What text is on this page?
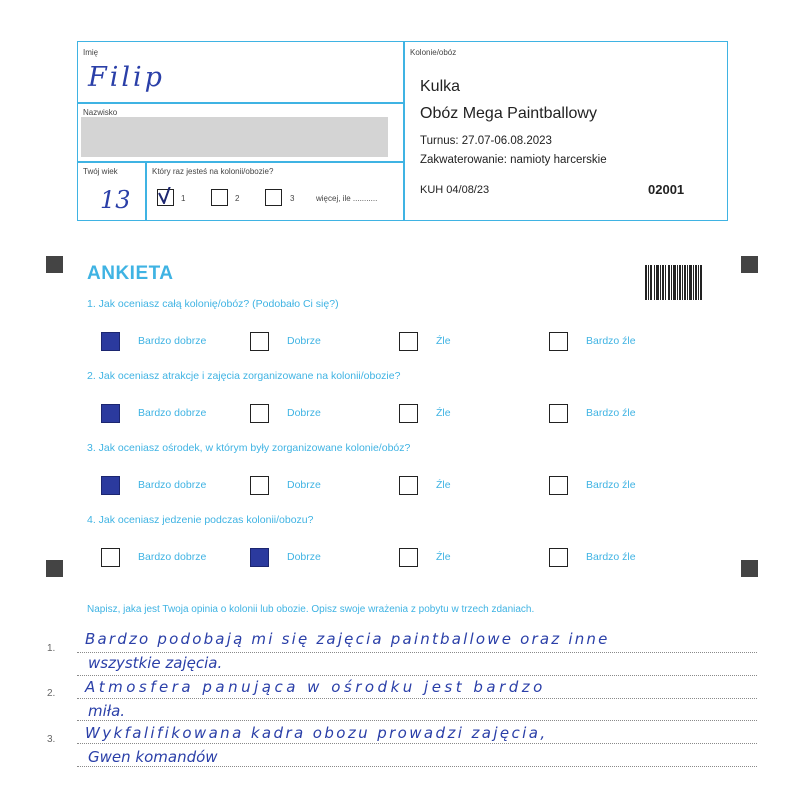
Imię
Filip
Nazwisko
Twój wiek
13
Który raz jesteś na kolonii/obozie?
1	2	3	więcej, ile ...........
Kolonie/obóz
Kulka
Obóz Mega Paintballowy
Turnus: 27.07-06.08.2023
Zakwaterowanie: namioty harcerskie
KUH 04/08/23	02001
ANKIETA
1. Jak oceniasz całą kolonię/obóz? (Podobało Ci się?)
Bardzo dobrze	Dobrze	Źle	Bardzo źle
2. Jak oceniasz atrakcje i zajęcia zorganizowane na kolonii/obozie?
Bardzo dobrze	Dobrze	Źle	Bardzo źle
3. Jak oceniasz ośrodek, w którym były zorganizowane kolonie/obóz?
Bardzo dobrze	Dobrze	Źle	Bardzo źle
4. Jak oceniasz jedzenie podczas kolonii/obozu?
Bardzo dobrze	Dobrze	Źle	Bardzo źle
Napisz, jaka jest Twoja opinia o kolonii lub obozie. Opisz swoje wrażenia z pobytu w trzech zdaniach.
1.
2.
3.
Bardzo podobają mi się zajęcia paintballowe oraz inne
wszystkie zajęcia.
Atmosfera panująca w ośrodku jest bardzo
miła.
Wykfalifikowana kadra obozu prowadzi zajęcia,
Gwen komandów
